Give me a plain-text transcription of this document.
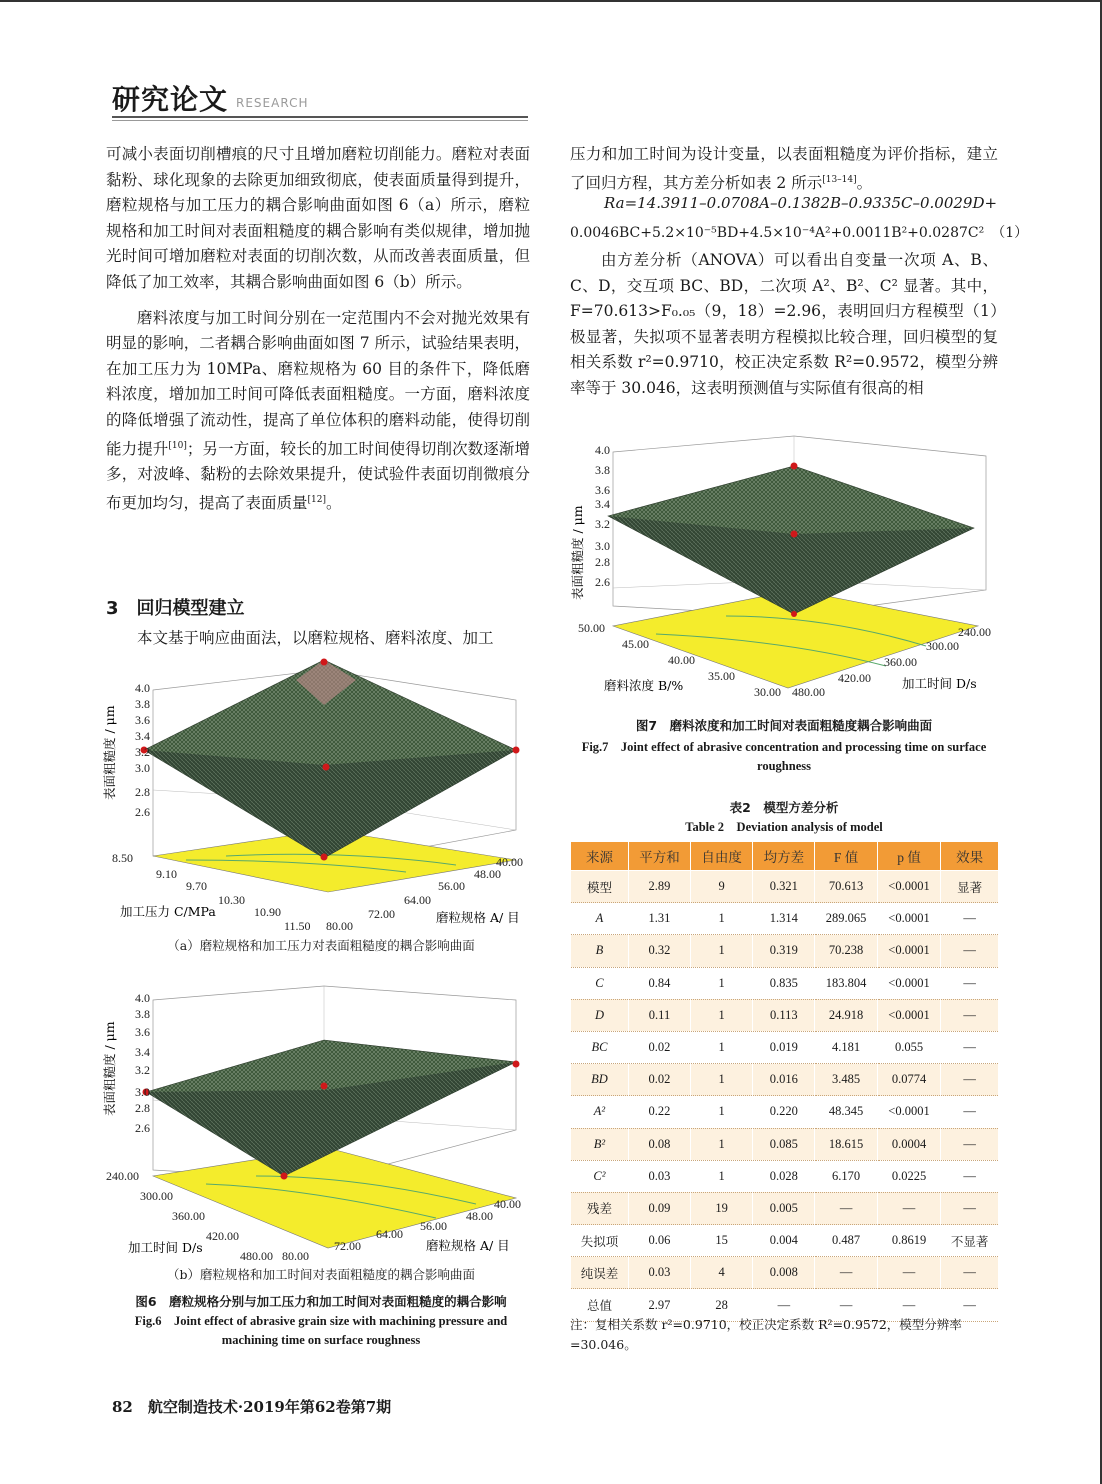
研究论文 RESEARCH

可减小表面切削槽痕的尺寸且增加磨粒切削能力。磨粒对表面黏粉、球化现象的去除更加细致彻底，使表面质量得到提升，磨粒规格与加工压力的耦合影响曲面如图 6（a）所示，磨粒规格和加工时间对表面粗糙度的耦合影响有类似规律，增加抛光时间可增加磨粒对表面的切削次数，从而改善表面质量，但降低了加工效率，其耦合影响曲面如图 6（b）所示。

磨料浓度与加工时间分别在一定范围内不会对抛光效果有明显的影响，二者耦合影响曲面如图 7 所示，试验结果表明，在加工压力为 10MPa、磨粒规格为 60 目的条件下，降低磨料浓度，增加加工时间可降低表面粗糙度。一方面，磨料浓度的降低增强了流动性，提高了单位体积的磨料动能，使得切削能力提升[10]；另一方面，较长的加工时间使得切削次数逐渐增多，对波峰、黏粉的去除效果提升，使试验件表面切削微痕分布更加均匀，提高了表面质量[12]。

3　回归模型建立

本文基于响应曲面法，以磨粒规格、磨料浓度、加工

压力和加工时间为设计变量，以表面粗糙度为评价指标，建立了回归方程，其方差分析如表 2 所示[13–14]。

Ra=14.3911–0.0708A–0.1382B–0.9335C–0.0029D+
0.0046BC+5.2×10⁻⁵BD+4.5×10⁻⁴A²+0.0011B²+0.0287C²　（1）

由方差分析（ANOVA）可以看出自变量一次项 A、B、C、D，交互项 BC、BD，二次项 A²、B²、C² 显著。其中，F=70.613>F₀.₀₅（9，18）=2.96，表明回归方程模型（1）极显著，失拟项不显著表明方程模拟比较合理，回归模型的复相关系数 r²=0.9710，校正决定系数 R²=0.9572，模型分辨率等于 30.046，这表明预测值与实际值有很高的相

4.0
3.8
3.6
3.4
3.2
3.0
2.8
2.6
表面粗糙度 / μm
8.50
9.10
9.70
10.30
10.90
11.50
40.00
48.00
56.00
64.00
72.00
80.00
加工压力 C/MPa	磨粒规格 A/ 目
（a）磨粒规格和加工压力对表面粗糙度的耦合影响曲面
4.0
3.8
3.6
3.4
3.2
3.0
2.8
2.6
表面粗糙度 / μm
240.00
300.00
360.00
420.00
480.00
40.00
48.00
56.00
64.00
72.00
80.00
加工时间 D/s	磨粒规格 A/ 目
（b）磨粒规格和加工时间对表面粗糙度的耦合影响曲面
图6　磨粒规格分别与加工压力和加工时间对表面粗糙度的耦合影响
Fig.6　Joint effect of abrasive grain size with machining pressure and machining time on surface roughness
4.0
3.8
3.6
3.4
3.2
3.0
2.8
2.6
表面粗糙度 / μm
50.00
45.00
40.00
35.00
30.00
240.00
300.00
360.00
420.00
480.00
磨料浓度 B/%	加工时间 D/s
图7　磨料浓度和加工时间对表面粗糙度耦合影响曲面
Fig.7　Joint effect of abrasive concentration and processing time on surface roughness
表2　模型方差分析
Table 2　Deviation analysis of model
来源	平方和	自由度	均方差	F 值	p 值	效果
模型	2.89	9	0.321	70.613	<0.0001	显著
A	1.31	1	1.314	289.065	<0.0001	—
B	0.32	1	0.319	70.238	<0.0001	—
C	0.84	1	0.835	183.804	<0.0001	—
D	0.11	1	0.113	24.918	<0.0001	—
BC	0.02	1	0.019	4.181	0.055	—
BD	0.02	1	0.016	3.485	0.0774	—
A²	0.22	1	0.220	48.345	<0.0001	—
B²	0.08	1	0.085	18.615	0.0004	—
C²	0.03	1	0.028	6.170	0.0225	—
残差	0.09	19	0.005	—	—	—
失拟项	0.06	15	0.004	0.487	0.8619	不显著
纯误差	0.03	4	0.008	—	—	—
总值	2.97	28	—	—	—	—
注：复相关系数 r²=0.9710，校正决定系数 R²=0.9572，模型分辨率=30.046。
82　航空制造技术·2019年第62卷第7期
